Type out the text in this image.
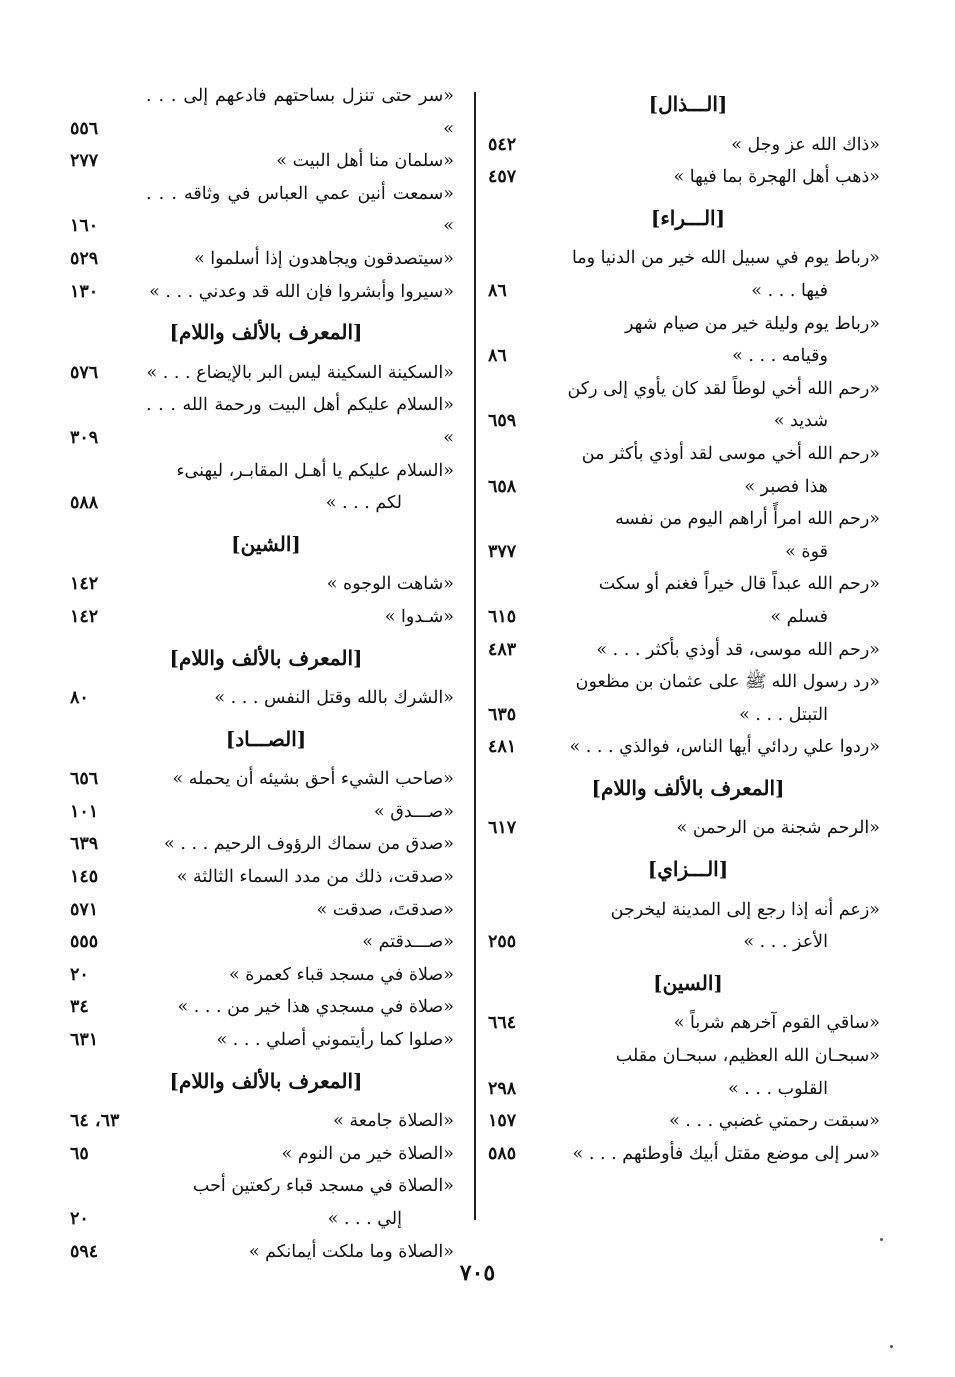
[الـــذال]
«ذاك الله عز وجل »
٥٤٢
«ذهب أهل الهجرة بما فيها »
٤٥٧
[الـــراء]
«رباط يوم في سبيل الله خير من الدنيا وما
فيها . . . »
٨٦
«رباط يوم وليلة خير من صيام شهر
وقيامه . . . »
٨٦
«رحم الله أخي لوطاً لقد كان يأوي إلى ركن
شديد »
٦٥٩
«رحم الله أخي موسى لقد أوذي بأكثر من
هذا فصبر »
٦٥٨
«رحم الله امرأً أراهم اليوم من نفسه
قوة »
٣٧٧
«رحم الله عبداً قال خيراً فغنم أو سكت
فسلم »
٦١٥
«رحم الله موسى، قد أوذي بأكثر . . . »
٤٨٣
«رد رسول الله ﷺ على عثمان بن مظعون
التبتل . . . »
٦٣٥
«ردوا علي ردائي أيها الناس، فوالذي . . . »
٤٨١
[المعرف بالألف واللام]
«الرحم شجنة من الرحمن »
٦١٧
[الـــزاي]
«زعم أنه إذا رجع إلى المدينة ليخرجن
الأعز . . . »
٢٥٥
[السين]
«ساقي القوم آخرهم شرباً »
٦٦٤
«سبحـان الله العظيم، سبحـان مقلب
القلوب . . . »
٢٩٨
«سبقت رحمتي غضبي . . . »
١٥٧
«سر إلى موضع مقتل أبيك فأوطئهم . . . »
٥٨٥
«سر حتى تنزل بساحتهم فادعهم إلى . . . »
٥٥٦
«سلمان منا أهل البيت »
٢٧٧
«سمعت أنين عمي العباس في وثاقه . . . »
١٦٠
«سيتصدقون ويجاهدون إذا أسلموا »
٥٢٩
«سيروا وأبشروا فإن الله قد وعدني . . . »
١٣٠
[المعرف بالألف واللام]
«السكينة السكينة ليس البر بالإيضاع . . . »
٥٧٦
«السلام عليكم أهل البيت ورحمة الله . . . »
٣٠٩
«السلام عليكم يا أهـل المقابـر، ليهنىء
لكم . . . »
٥٨٨
[الشين]
«شاهت الوجوه »
١٤٢
«شـدوا »
١٤٢
[المعرف بالألف واللام]
«الشرك بالله وقتل النفس . . . »
٨٠
[الصـــاد]
«صاحب الشيء أحق بشيئه أن يحمله »
٦٥٦
«صـــدق »
١٠١
«صدق من سماك الرؤوف الرحيم . . . »
٦٣٩
«صدقت، ذلك من مدد السماء الثالثة »
١٤٥
«صدقتَ، صدقت »
٥٧١
«صـــدقتم »
٥٥٥
«صلاة في مسجد قباء كعمرة »
٢٠
«صلاة في مسجدي هذا خير من . . . »
٣٤
«صلوا كما رأيتموني أصلي . . . »
٦٣١
[المعرف بالألف واللام]
«الصلاة جامعة »
٦٣، ٦٤
«الصلاة خير من النوم »
٦٥
«الصلاة في مسجد قباء ركعتين أحب
إلي . . . »
٢٠
«الصلاة وما ملكت أيمانكم »
٥٩٤
٧٠٥
